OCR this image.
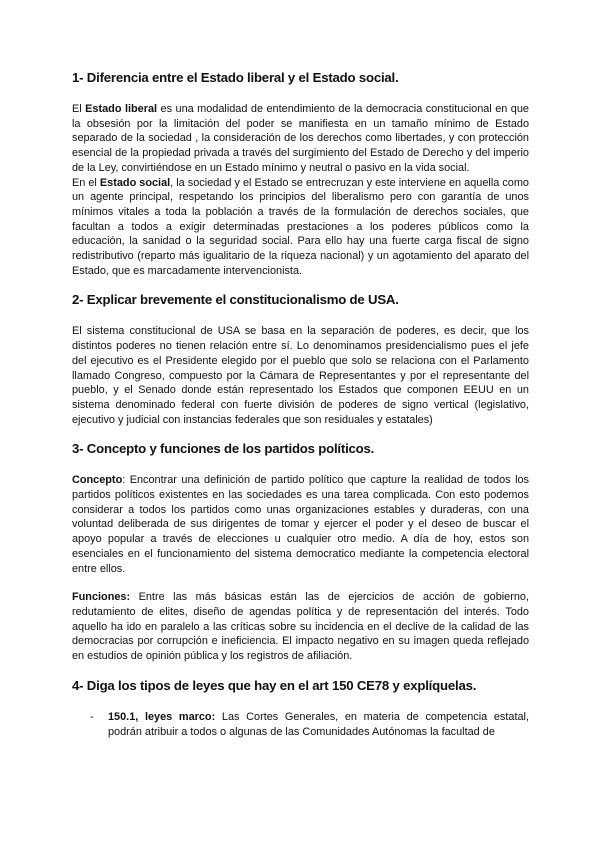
1- Diferencia entre el Estado liberal y el Estado social.

El Estado liberal es una modalidad de entendimiento de la democracia constitucional en que la obsesión por la limitación del poder se manifiesta en un tamaño mínimo de Estado separado de la sociedad , la consideración de los derechos como libertades, y con protección esencial de la propiedad privada a través del surgimiento del Estado de Derecho y del imperio de la Ley, convirtiéndose en un Estado mínimo y neutral o pasivo en la vida social.

En el Estado social, la sociedad y el Estado se entrecruzan y este interviene en aquella como un agente principal, respetando los principios del liberalismo pero con garantía de unos mínimos vitales a toda la población a través de la formulación de derechos sociales, que facultan a todos a exigir determinadas prestaciones a los poderes públicos como la educación, la sanidad o la seguridad social. Para ello hay una fuerte carga fiscal de signo redistributivo (reparto más igualitario de la riqueza nacional) y un agotamiento del aparato del Estado, que es marcadamente intervencionista.

2- Explicar brevemente el constitucionalismo de USA.

El sistema constitucional de USA se basa en la separación de poderes, es decir, que los distintos poderes no tienen relación entre sí. Lo denominamos presidencialismo pues el jefe del ejecutivo es el Presidente elegido por el pueblo que solo se relaciona con el Parlamento llamado Congreso, compuesto por la Cámara de Representantes y por el representante del pueblo, y el Senado donde están representado los Estados que componen EEUU en un sistema denominado federal con fuerte división de poderes de signo vertical (legislativo, ejecutivo y judicial con instancias federales que son residuales y estatales)

3- Concepto y funciones de los partidos políticos.

Concepto: Encontrar una definición de partido político que capture la realidad de todos los partidos políticos existentes en las sociedades es una tarea complicada. Con esto podemos considerar a todos los partidos como unas organizaciones estables y duraderas, con una voluntad deliberada de sus dirigentes de tomar y ejercer el poder y el deseo de buscar el apoyo popular a través de elecciones u cualquier otro medio. A día de hoy, estos son esenciales en el funcionamiento del sistema democratico mediante la competencia electoral entre ellos.

Funciones: Entre las más básicas están las de ejercicios de acción de gobierno, redutamiento de elites, diseño de agendas política y de representación del interés. Todo aquello ha ido en paralelo a las críticas sobre su incidencia en el declive de la calidad de las democracias por corrupción e ineficiencia. El impacto negativo en su imagen queda reflejado en estudios de opinión pública y los registros de afiliación.

4- Diga los tipos de leyes que hay en el art 150 CE78 y explíquelas.
- 150.1, leyes marco: Las Cortes Generales, en materia de competencia estatal, podrán atribuir a todos o algunas de las Comunidades Autónomas la facultad de
